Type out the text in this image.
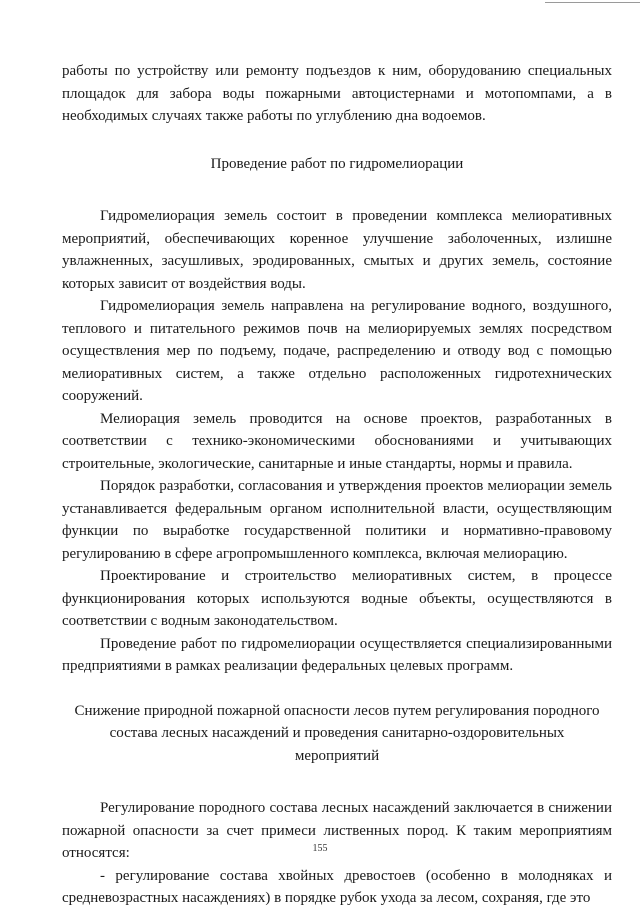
работы по устройству или ремонту подъездов к ним, оборудованию специальных площадок для забора воды пожарными автоцистернами и мотопомпами, а в необходимых случаях также работы по углублению дна водоемов.

Проведение работ по гидромелиорации

Гидромелиорация земель состоит в проведении комплекса мелиоративных мероприятий, обеспечивающих коренное улучшение заболоченных, излишне увлажненных, засушливых, эродированных, смытых и других земель, состояние которых зависит от воздействия воды.

Гидромелиорация земель направлена на регулирование водного, воздушного, теплового и питательного режимов почв на мелиорируемых землях посредством осуществления мер по подъему, подаче, распределению и отводу вод с помощью мелиоративных систем, а также отдельно расположенных гидротехнических сооружений.

Мелиорация земель проводится на основе проектов, разработанных в соответствии с технико-экономическими обоснованиями и учитывающих строительные, экологические, санитарные и иные стандарты, нормы и правила.

Порядок разработки, согласования и утверждения проектов мелиорации земель устанавливается федеральным органом исполнительной власти, осуществляющим функции по выработке государственной политики и нормативно-правовому регулированию в сфере агропромышленного комплекса, включая мелиорацию.

Проектирование и строительство мелиоративных систем, в процессе функционирования которых используются водные объекты, осуществляются в соответствии с водным законодательством.

Проведение работ по гидромелиорации осуществляется специализированными предприятиями в рамках реализации федеральных целевых программ.

Снижение природной пожарной опасности лесов путем регулирования породного состава лесных насаждений и проведения санитарно-оздоровительных мероприятий

Регулирование породного состава лесных насаждений заключается в снижении пожарной опасности за счет примеси лиственных пород. К таким мероприятиям относятся:

- регулирование состава хвойных древостоев (особенно в молодняках и средневозрастных насаждениях) в порядке рубок ухода за лесом, сохраняя, где это

155
